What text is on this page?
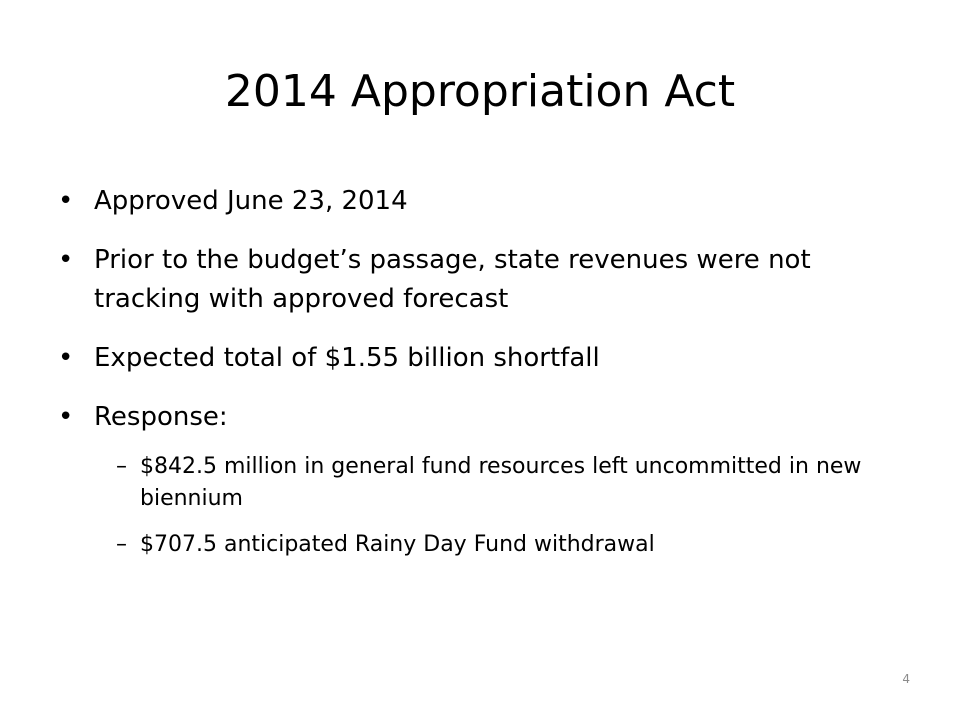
2014 Appropriation Act
• Approved June 23, 2014
• Prior to the budget’s passage, state revenues were not tracking with approved forecast
• Expected total of $1.55 billion shortfall
• Response:
– $842.5 million in general fund resources left uncommitted in new biennium
– $707.5 anticipated Rainy Day Fund withdrawal
4
